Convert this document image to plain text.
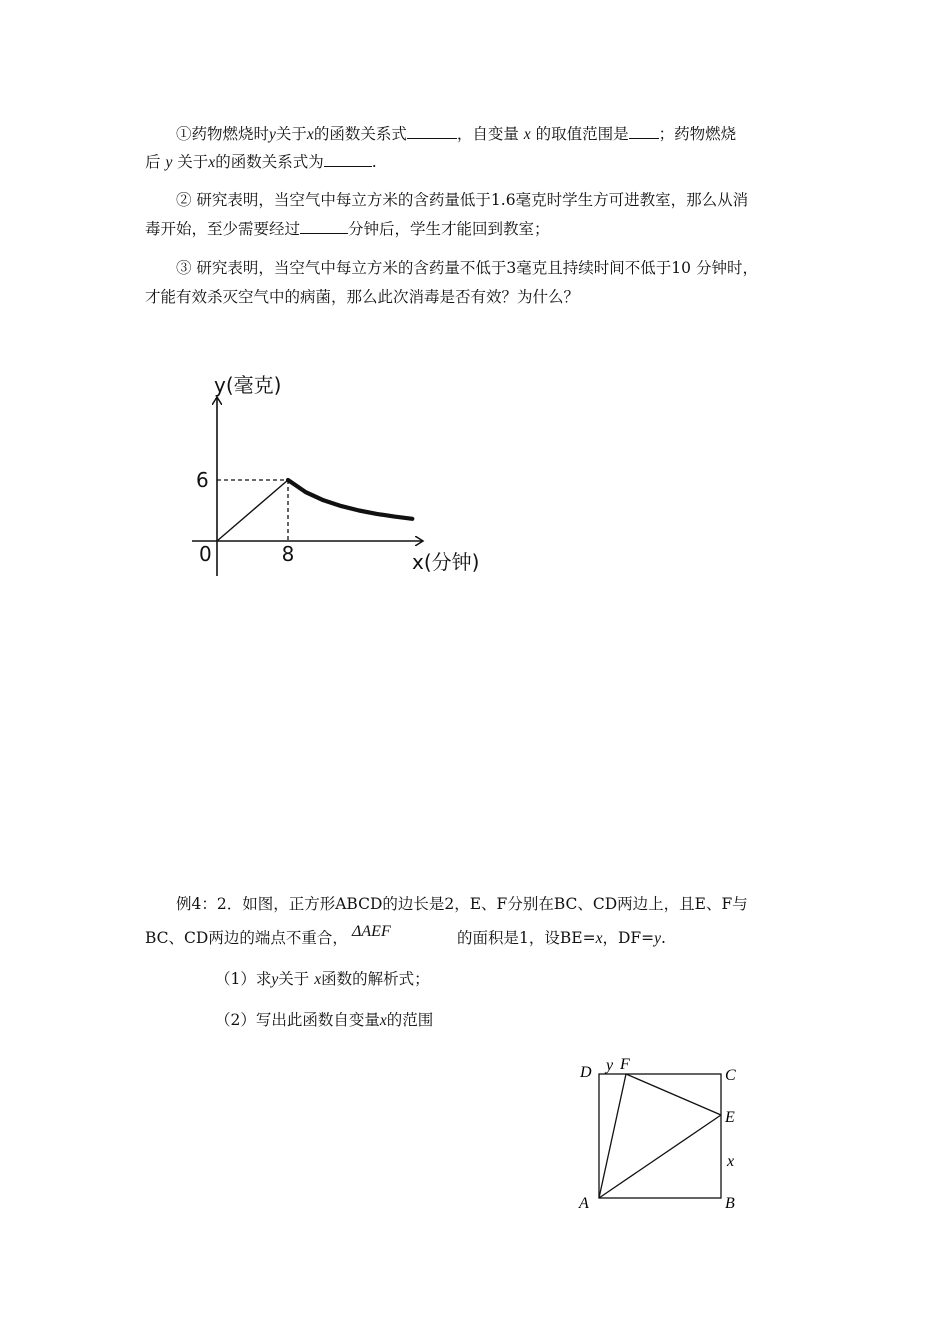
①药物燃烧时y关于x的函数关系式	，自变量 x 的取值范围是 ；药物燃烧
后 y 关于x的函数关系式为	.
② 研究表明，当空气中每立方米的含药量低于1.6毫克时学生方可进教室，那么从消
毒开始，至少需要经过	分钟后，学生才能回到教室；
③ 研究表明，当空气中每立方米的含药量不低于3毫克且持续时间不低于10 分钟时，
才能有效杀灭空气中的病菌，那么此次消毒是否有效？为什么？
y(毫克)
x(分钟)
0	8
6
例4：2．如图，正方形ABCD的边长是2，E、F分别在BC、CD两边上，且E、F与
BC、CD两边的端点不重合， ΔAEF	的面积是1，设BE=x，DF=y.
（1）求y关于 x函数的解析式；
（2）写出此函数自变量x的范围
D y F
C
E
x
A	B
